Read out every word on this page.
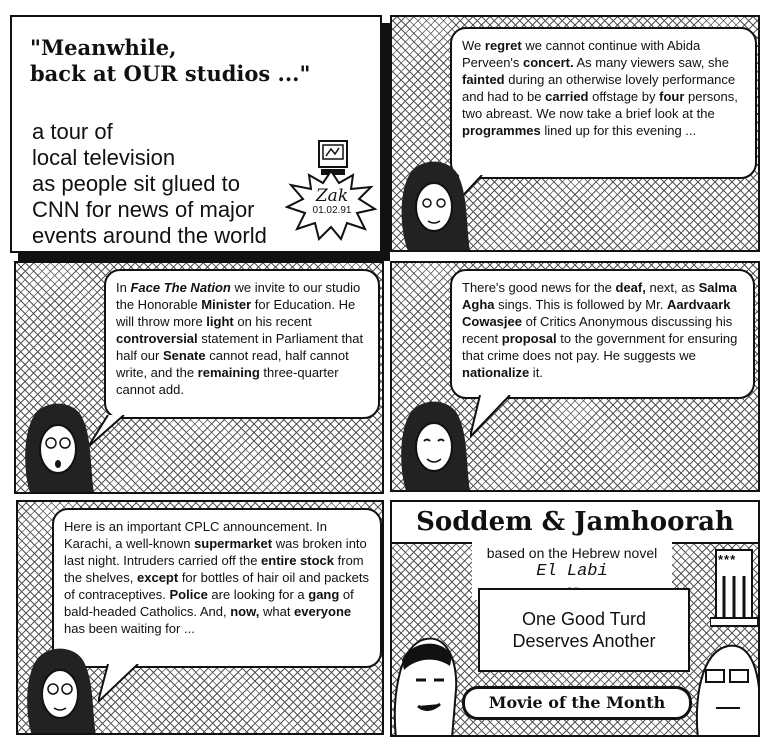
"Meanwhile,
back at OUR studios ..."
a tour of
local television
as people sit glued to
CNN for news of major
events around the world
Zak
01.02.91
We regret we cannot continue with Abida Perveen's concert. As many viewers saw, she fainted during an otherwise lovely performance and had to be carried offstage by four persons, two abreast. We now take a brief look at the programmes lined up for this evening ...
In Face The Nation we invite to our studio the Honorable Minister for Education. He will throw more light on his recent controversial statement in Parliament that half our Senate cannot read, half cannot write, and the remaining three-quarter cannot add.
There's good news for the deaf, next, as Salma Agha sings. This is followed by Mr. Aardvaark Cowasjee of Critics Anonymous discussing his recent proposal to the government for ensuring that crime does not pay. He suggests we nationalize it.
Here is an important CPLC announcement. In Karachi, a well-known supermarket was broken into last night. Intruders carried off the entire stock from the shelves, except for bottles of hair oil and packets of contraceptives. Police are looking for a gang of bald-headed Catholics. And, now, what everyone has been waiting for ...
Soddem & Jamhoorah
based on the Hebrew novel
El Labi
One Good Turd
Deserves Another
Movie of the Month
***
